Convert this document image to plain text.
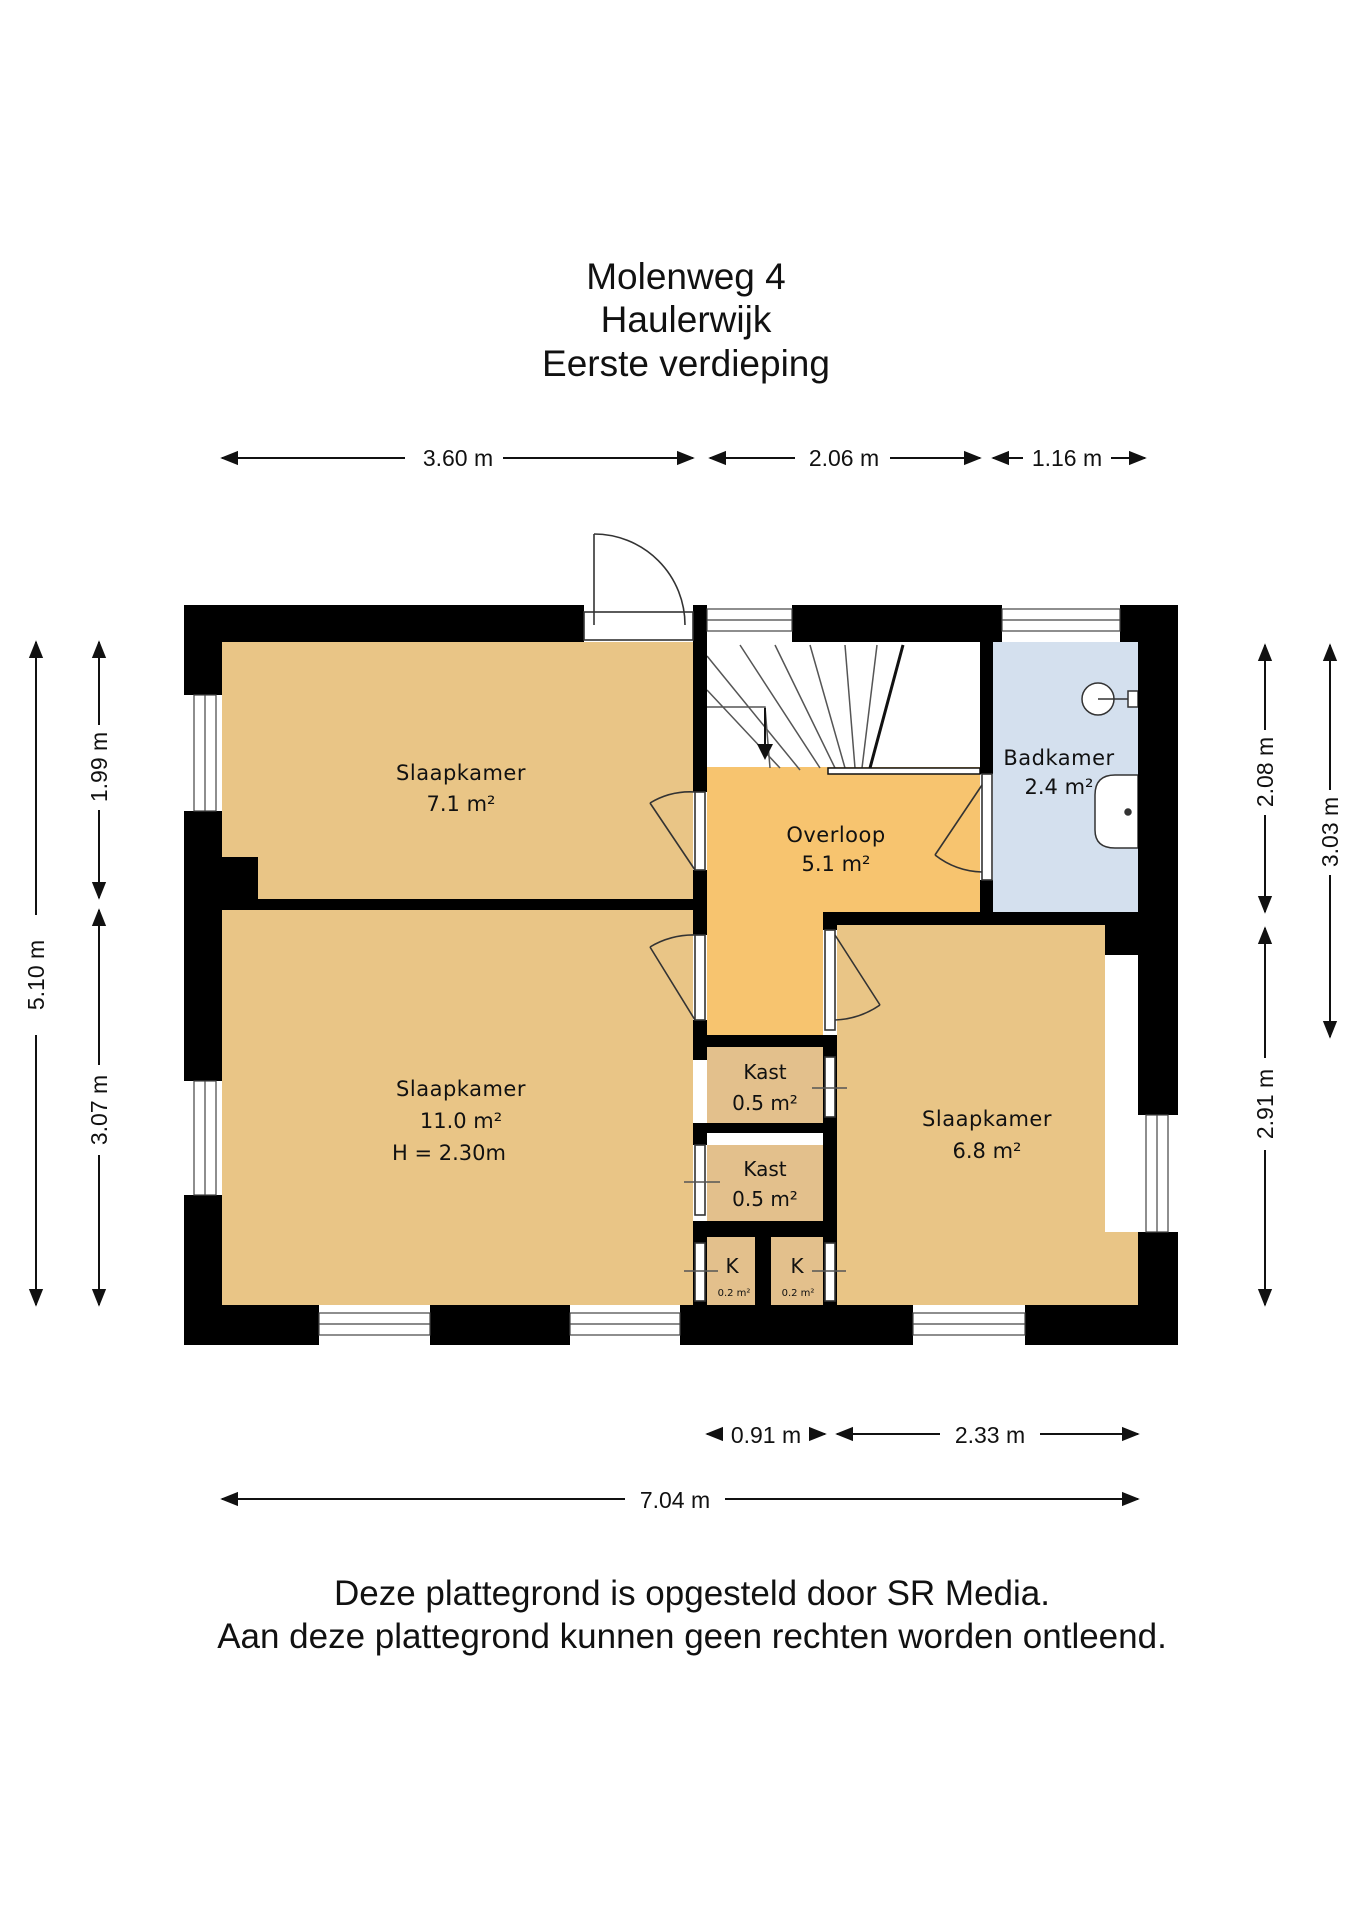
Molenweg 4
Haulerwijk
Eerste verdieping
3.60 m	2.06 m	1.16 m
5.10 m
1.99 m
3.07 m
2.08 m
2.91 m
3.03 m
Slaapkamer
7.1 m²
Slaapkamer
11.0 m²
H = 2.30m
Overloop
5.1 m²
Badkamer
2.4 m²
Slaapkamer
6.8 m²
Kast
0.5 m²
Kast
0.5 m²
K
0.2 m²
K
0.2 m²
0.91 m	2.33 m
7.04 m
Deze plattegrond is opgesteld door SR Media.
Aan deze plattegrond kunnen geen rechten worden ontleend.
